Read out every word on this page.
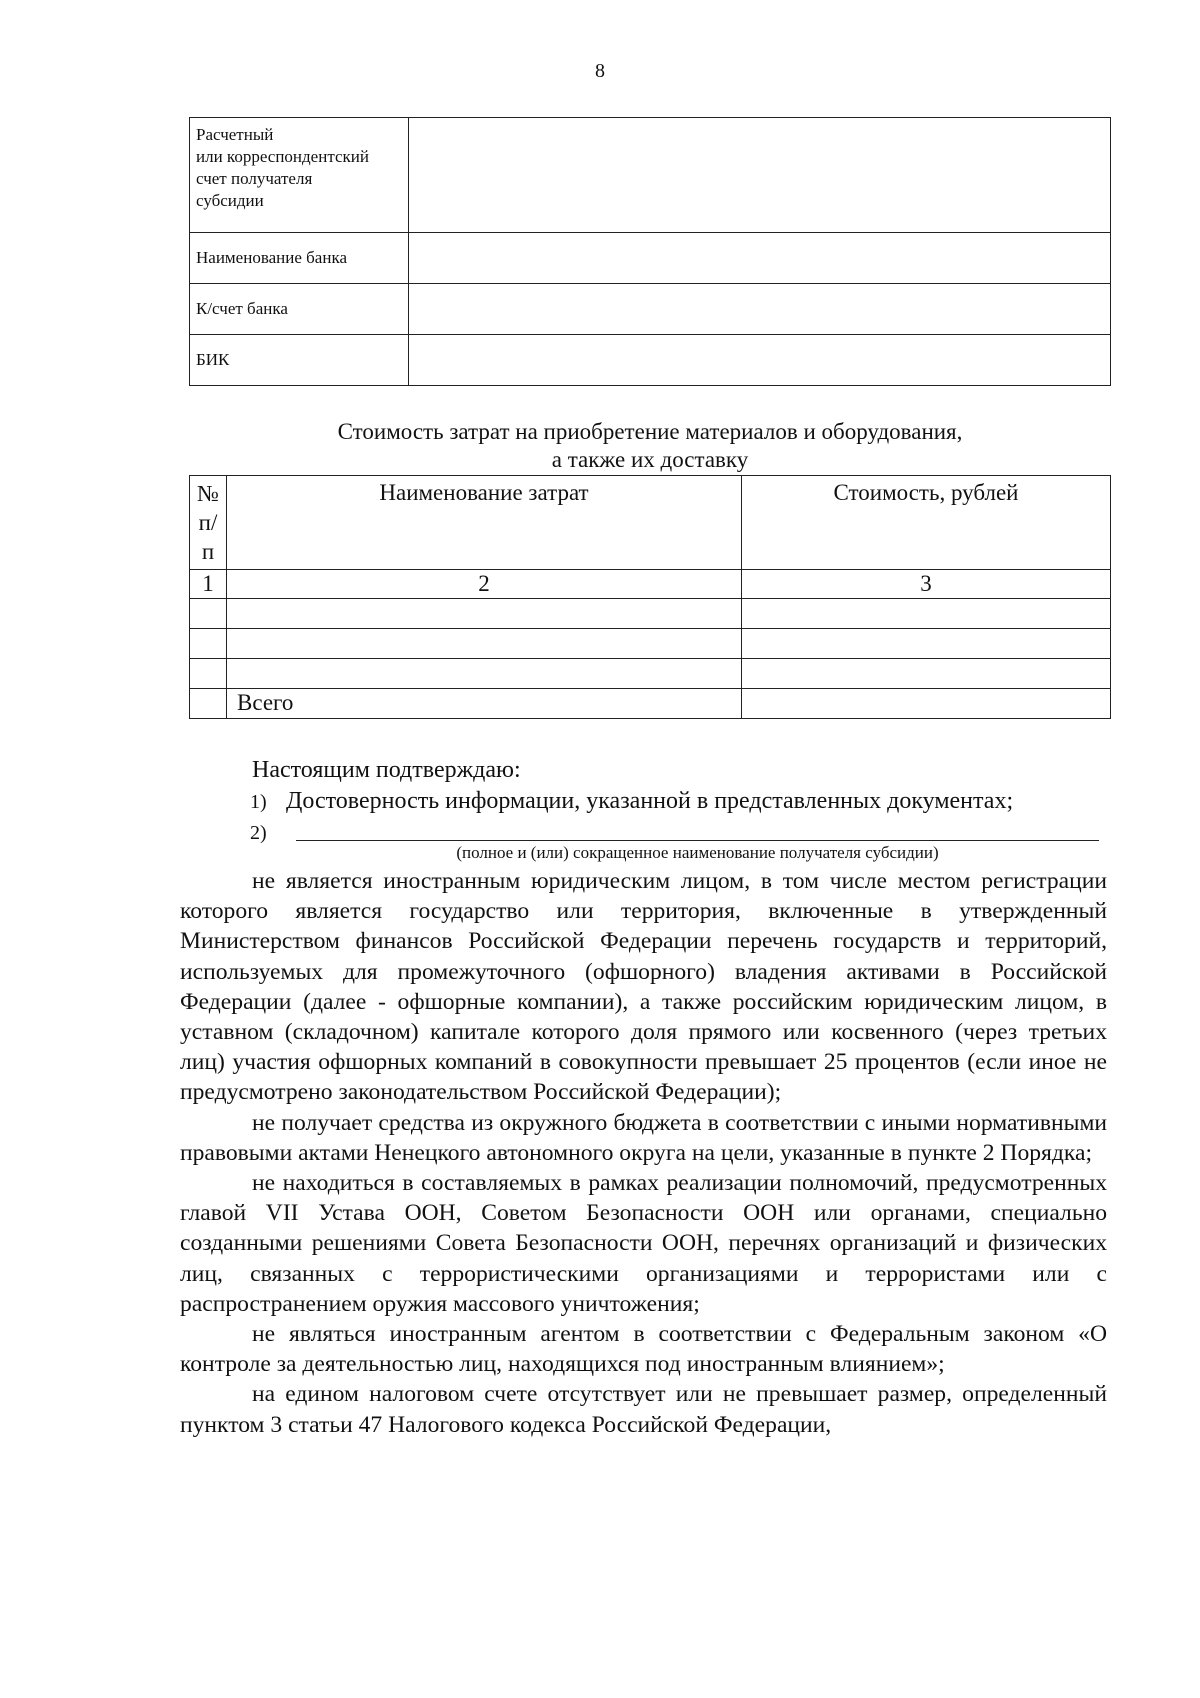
8
Расчетный
или корреспондентский
счет получателя
субсидии	
Наименование банка	
К/счет банка	
БИК	
Стоимость затрат на приобретение материалов и оборудования,
а также их доставку
№
п/
п	Наименование затрат	Стоимость, рублей
1	2	3

	Всего	
Настоящим подтверждаю:
1) Достоверность информации, указанной в представленных документах;
2)
(полное и (или) сокращенное наименование получателя субсидии)

не является иностранным юридическим лицом, в том числе местом регистрации которого является государство или территория, включенные в утвержденный Министерством финансов Российской Федерации перечень государств и территорий, используемых для промежуточного (офшорного) владения активами в Российской Федерации (далее - офшорные компании), а также российским юридическим лицом, в уставном (складочном) капитале которого доля прямого или косвенного (через третьих лиц) участия офшорных компаний в совокупности превышает 25 процентов (если иное не предусмотрено законодательством Российской Федерации);

не получает средства из окружного бюджета в соответствии с иными нормативными правовыми актами Ненецкого автономного округа на цели, указанные в пункте 2 Порядка;

не находиться в составляемых в рамках реализации полномочий, предусмотренных главой VII Устава ООН, Советом Безопасности ООН или органами, специально созданными решениями Совета Безопасности ООН, перечнях организаций и физических лиц, связанных с террористическими организациями и террористами или с распространением оружия массового уничтожения;

не являться иностранным агентом в соответствии с Федеральным законом «О контроле за деятельностью лиц, находящихся под иностранным влиянием»;

на едином налоговом счете отсутствует или не превышает размер, определенный пунктом 3 статьи 47 Налогового кодекса Российской Федерации,
